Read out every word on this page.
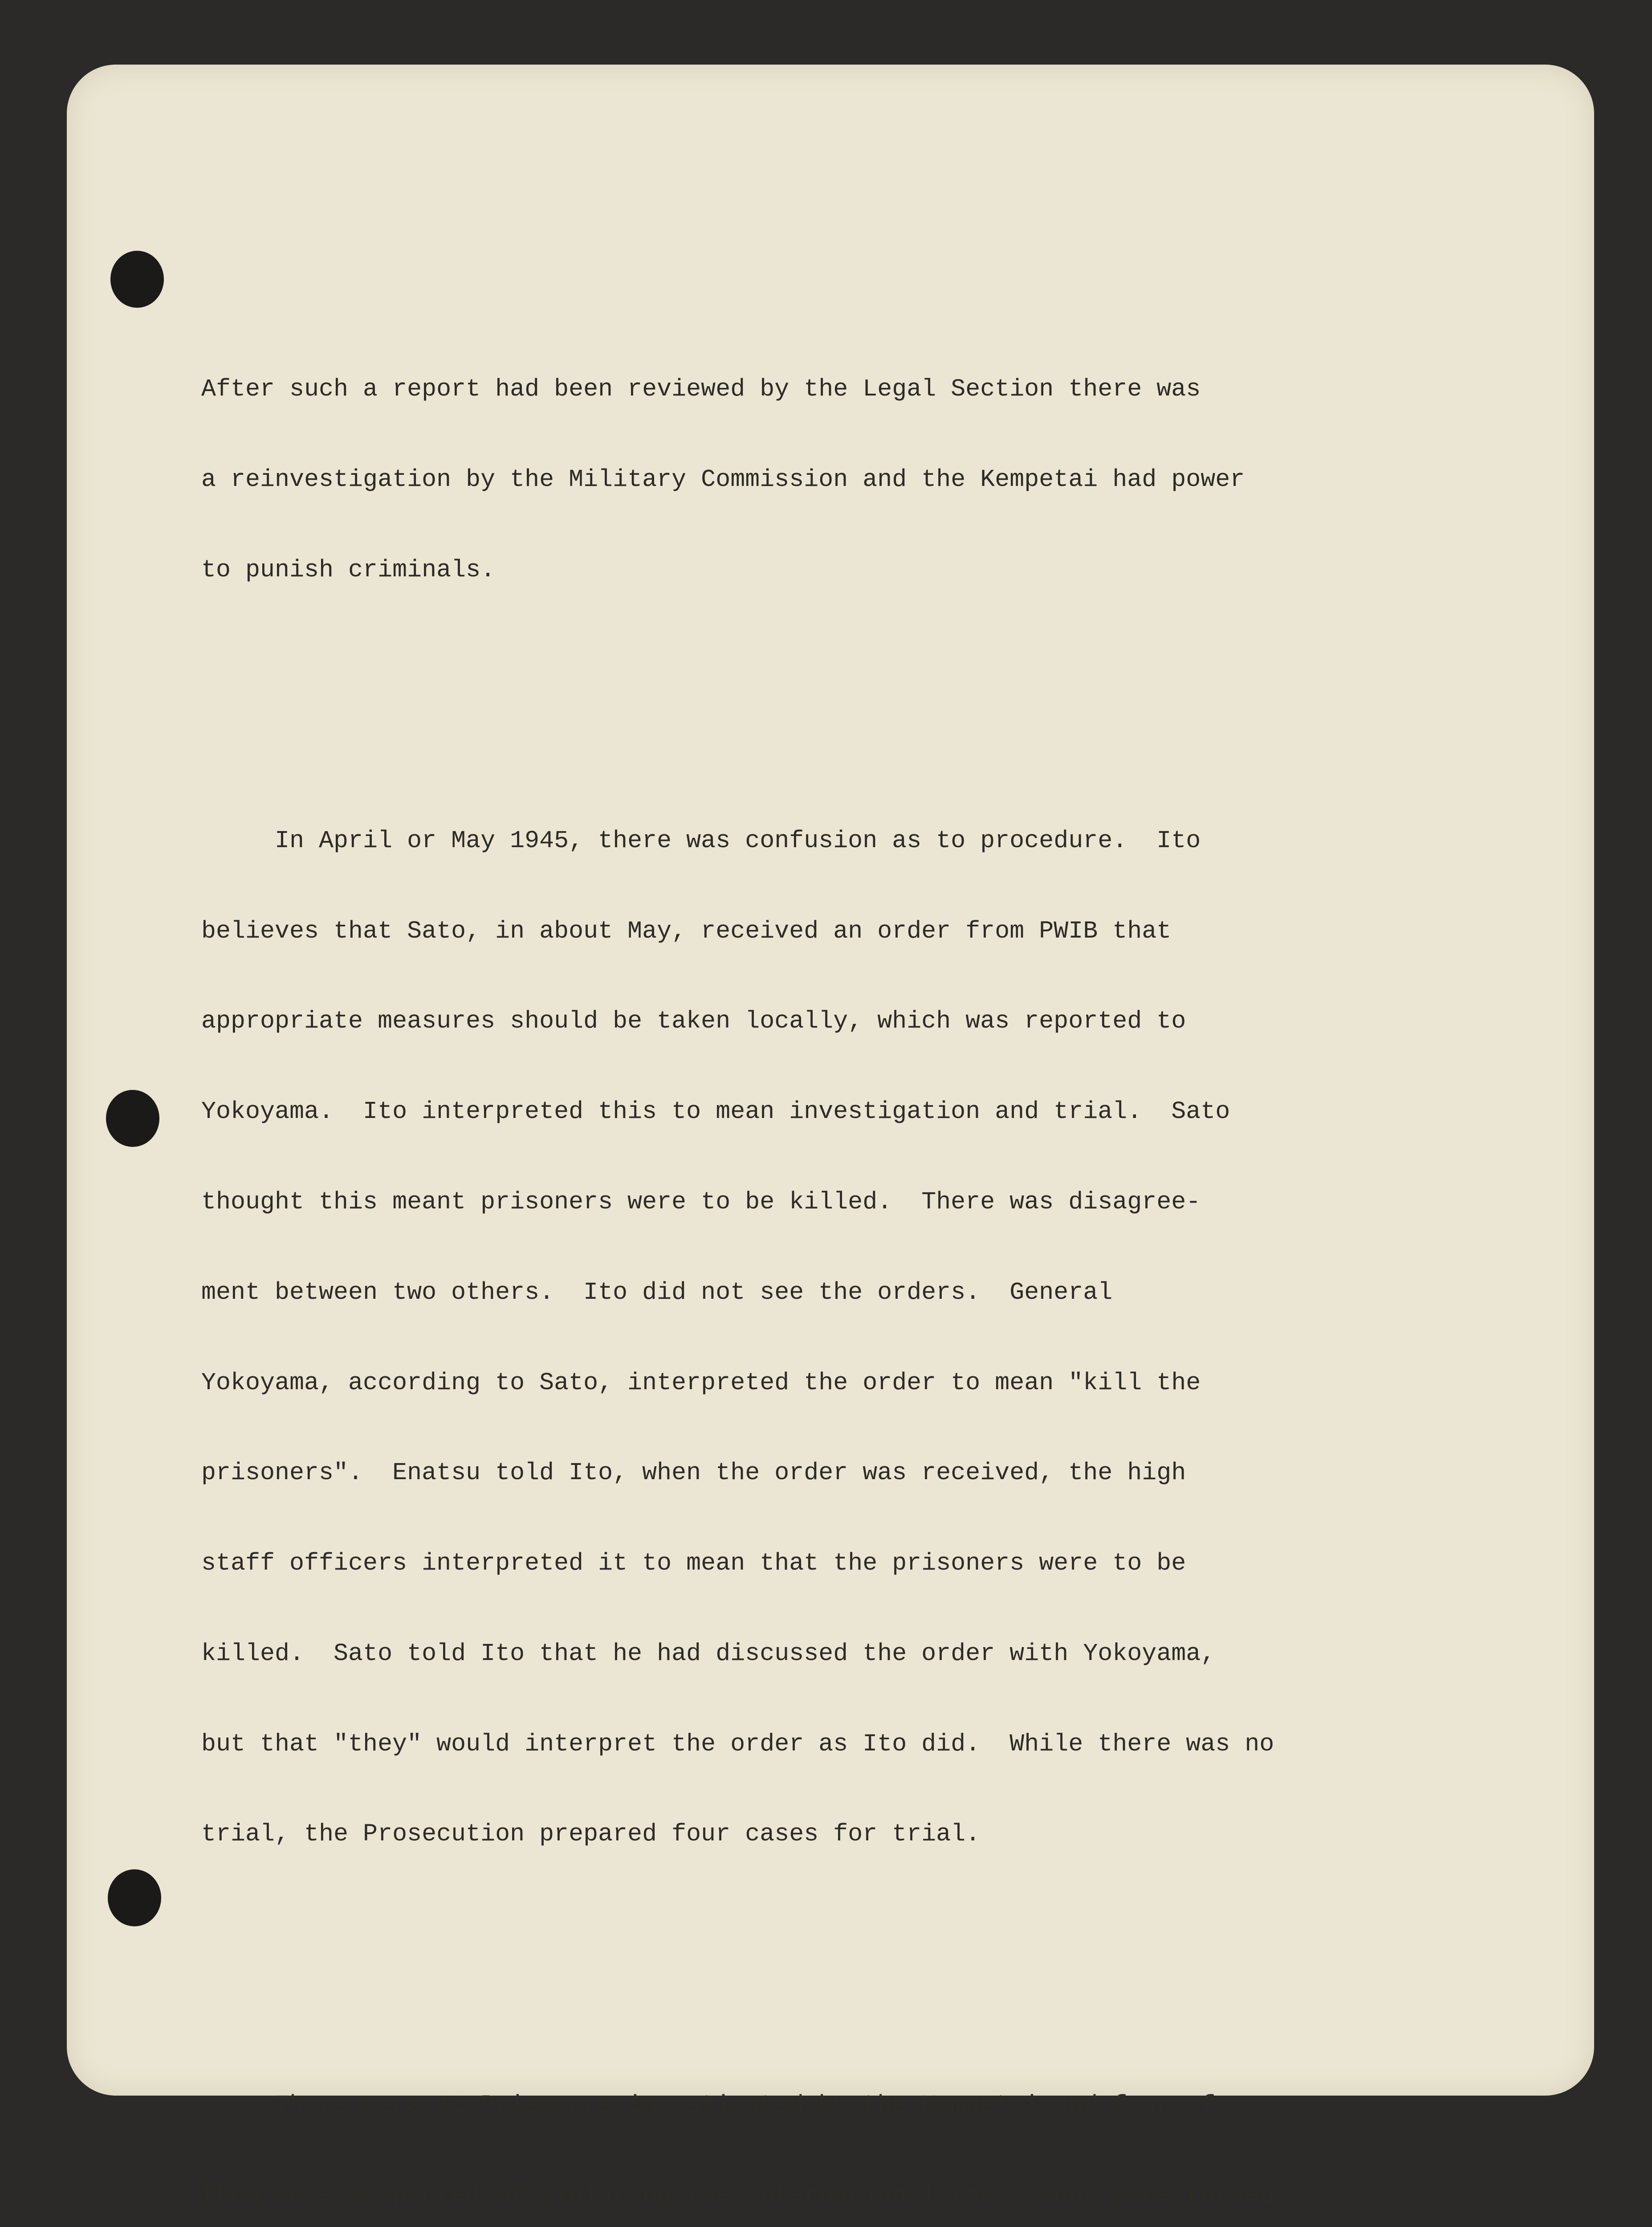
After such a report had been reviewed by the Legal Section there was

a reinvestigation by the Military Commission and the Kempetai had power

to punish criminals.

In April or May 1945, there was confusion as to procedure.  Ito

believes that Sato, in about May, received an order from PWIB that

appropriate measures should be taken locally, which was reported to

Yokoyama.  Ito interpreted this to mean investigation and trial.  Sato

thought this meant prisoners were to be killed.  There was disagree-

ment between two others.  Ito did not see the orders.  General

Yokoyama, according to Sato, interpreted the order to mean "kill the

prisoners".  Enatsu told Ito, when the order was received, the high

staff officers interpreted it to mean that the prisoners were to be

killed.  Sato told Ito that he had discussed the order with Yokoyama,

but that "they" would interpret the order as Ito did.  While there was no

trial, the Prosecution prepared four cases for trial.

There were 11 Prisoners investigated by the Kempetai and four of

them were suspected of violating the International Law.  Four were turned
